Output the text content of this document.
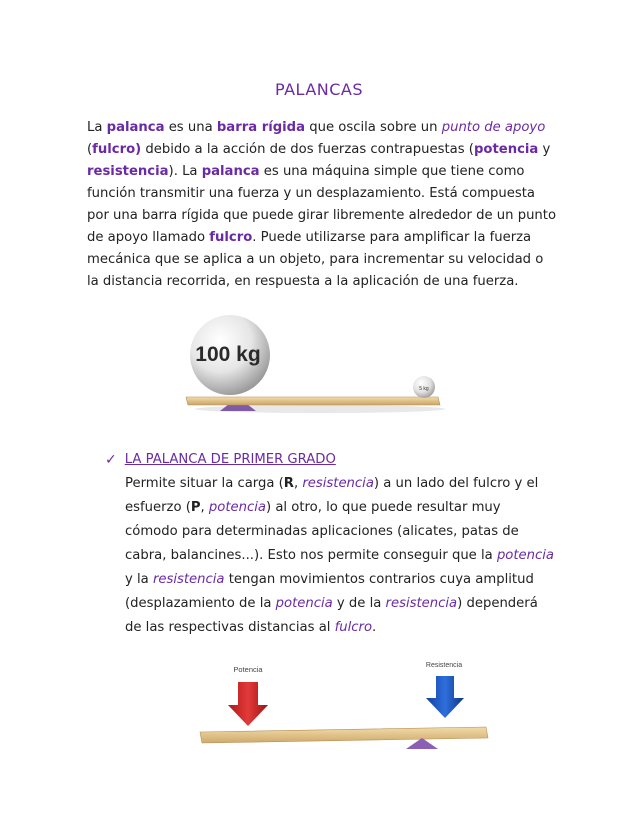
PALANCAS
La palanca es una barra rígida que oscila sobre un punto de apoyo (fulcro) debido a la acción de dos fuerzas contrapuestas (potencia y resistencia). La palanca es una máquina simple que tiene como función transmitir una fuerza y un desplazamiento. Está compuesta por una barra rígida que puede girar libremente alrededor de un punto de apoyo llamado fulcro. Puede utilizarse para amplificar la fuerza mecánica que se aplica a un objeto, para incrementar su velocidad o la distancia recorrida, en respuesta a la aplicación de una fuerza.
100 kg
5 kg
✓ LA PALANCA DE PRIMER GRADO
Permite situar la carga (R, resistencia) a un lado del fulcro y el esfuerzo (P, potencia) al otro, lo que puede resultar muy cómodo para determinadas aplicaciones (alicates, patas de cabra, balancines...). Esto nos permite conseguir que la potencia y la resistencia tengan movimientos contrarios cuya amplitud (desplazamiento de la potencia y de la resistencia) dependerá de las respectivas distancias al fulcro.
Potencia	Resistencia
